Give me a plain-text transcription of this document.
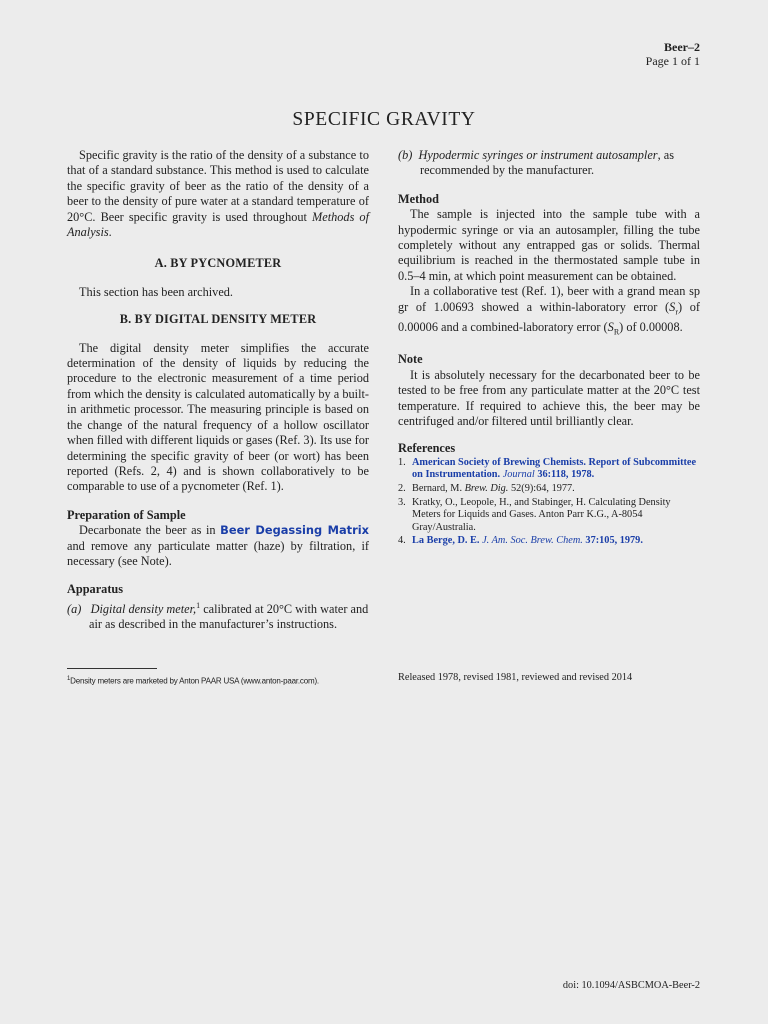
Beer–2
Page 1 of 1
SPECIFIC GRAVITY

Specific gravity is the ratio of the density of a substance to that of a standard substance. This method is used to calculate the specific gravity of beer as the ratio of the density of a beer to the density of pure water at a standard temperature of 20°C. Beer specific gravity is used throughout Methods of Analysis.

A. BY PYCNOMETER

This section has been archived.

B. BY DIGITAL DENSITY METER

The digital density meter simplifies the accurate determination of the density of liquids by reducing the procedure to the electronic measurement of a time period from which the density is calculated automatically by a built-in arithmetic processor. The measuring principle is based on the change of the natural frequency of a hollow oscillator when filled with different liquids or gases (Ref. 3). Its use for determining the specific gravity of beer (or wort) has been reported (Refs. 2, 4) and is shown collaboratively to be comparable to use of a pycnometer (Ref. 1).

Preparation of Sample

Decarbonate the beer as in Beer Degassing Matrix and remove any particulate matter (haze) by filtration, if necessary (see Note).

Apparatus

(a) Digital density meter,$^1$ calibrated at 20°C with water and air as described in the manufacturer’s instructions.

(b) Hypodermic syringes or instrument autosampler, as recommended by the manufacturer.

Method

The sample is injected into the sample tube with a hypodermic syringe or via an autosampler, filling the tube completely without any entrapped gas or solids. Thermal equilibrium is reached in the thermostated sample tube in 0.5–4 min, at which point measurement can be obtained.

In a collaborative test (Ref. 1), beer with a grand mean sp gr of 1.00693 showed a within-laboratory error $(S_r)$ of 0.00006 and a combined-laboratory error $(S_R)$ of 0.00008.

Note

It is absolutely necessary for the decarbonated beer to be tested to be free from any particulate matter at the 20°C test temperature. If required to achieve this, the beer may be centrifuged and/or filtered until brilliantly clear.

References
1. American Society of Brewing Chemists. Report of Subcommittee on Instrumentation. Journal 36:118, 1978.
2. Bernard, M. Brew. Dig. 52(9):64, 1977.
3. Kratky, O., Leopole, H., and Stabinger, H. Calculating Density Meters for Liquids and Gases. Anton Parr K.G., A-8054 Gray/Australia.
4. La Berge, D. E. J. Am. Soc. Brew. Chem. 37:105, 1979.
$^1$Density meters are marketed by Anton PAAR USA (www.anton-paar.com).	Released 1978, revised 1981, reviewed and revised 2014
doi: 10.1094/ASBCMOA-Beer-2
